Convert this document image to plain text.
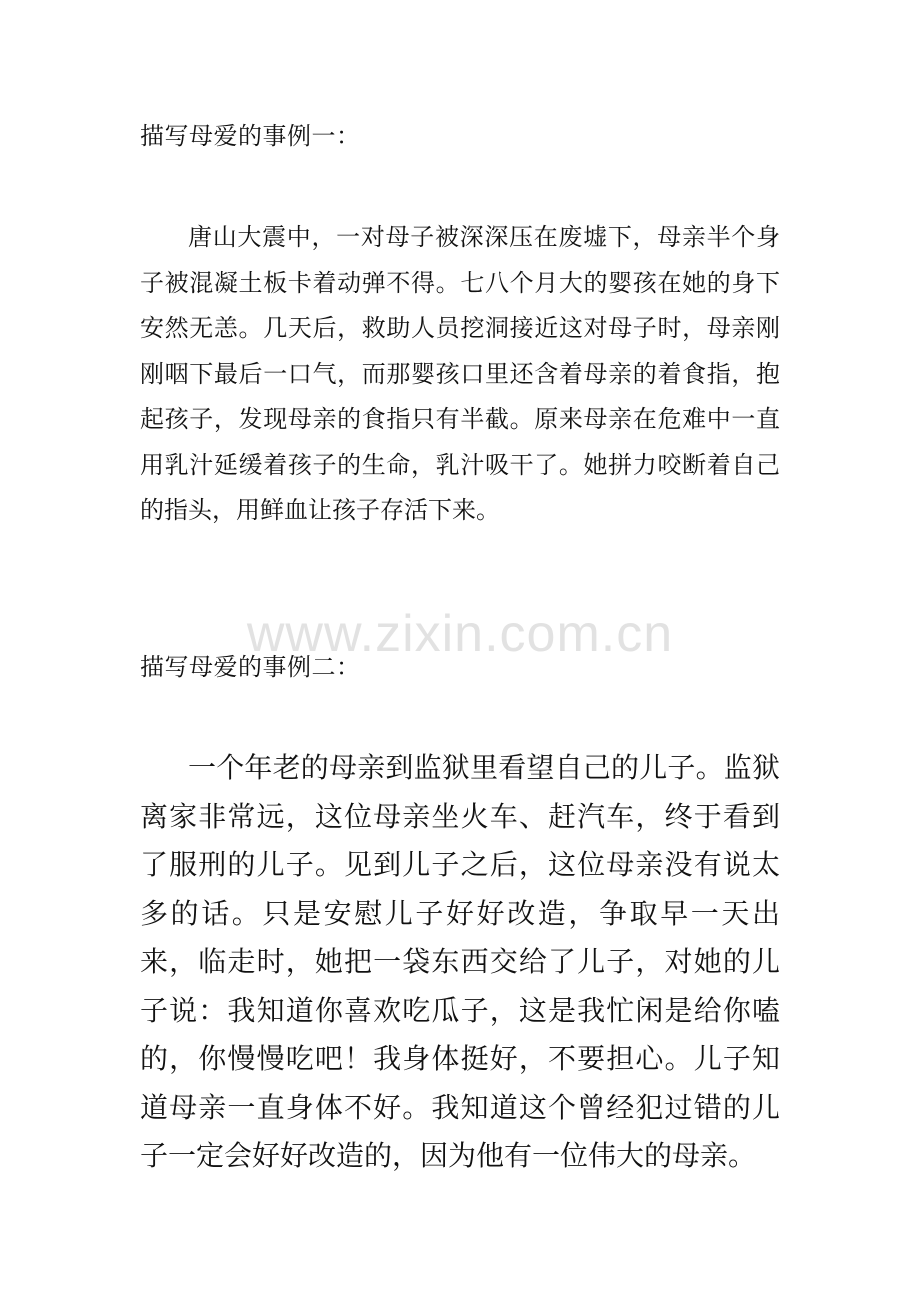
描写母爱的事例一：

唐山大震中，一对母子被深深压在废墟下，母亲半个身子被混凝土板卡着动弹不得。七八个月大的婴孩在她的身下安然无恙。几天后，救助人员挖洞接近这对母子时，母亲刚刚咽下最后一口气，而那婴孩口里还含着母亲的着食指，抱起孩子，发现母亲的食指只有半截。原来母亲在危难中一直用乳汁延缓着孩子的生命，乳汁吸干了。她拼力咬断着自己的指头，用鲜血让孩子存活下来。

www.zixin.com.cn
描写母爱的事例二：

一个年老的母亲到监狱里看望自己的儿子。监狱离家非常远，这位母亲坐火车、赶汽车，终于看到了服刑的儿子。见到儿子之后，这位母亲没有说太多的话。只是安慰儿子好好改造，争取早一天出来，临走时，她把一袋东西交给了儿子，对她的儿子说：我知道你喜欢吃瓜子，这是我忙闲是给你嗑的，你慢慢吃吧！我身体挺好，不要担心。儿子知道母亲一直身体不好。我知道这个曾经犯过错的儿子一定会好好改造的，因为他有一位伟大的母亲。
